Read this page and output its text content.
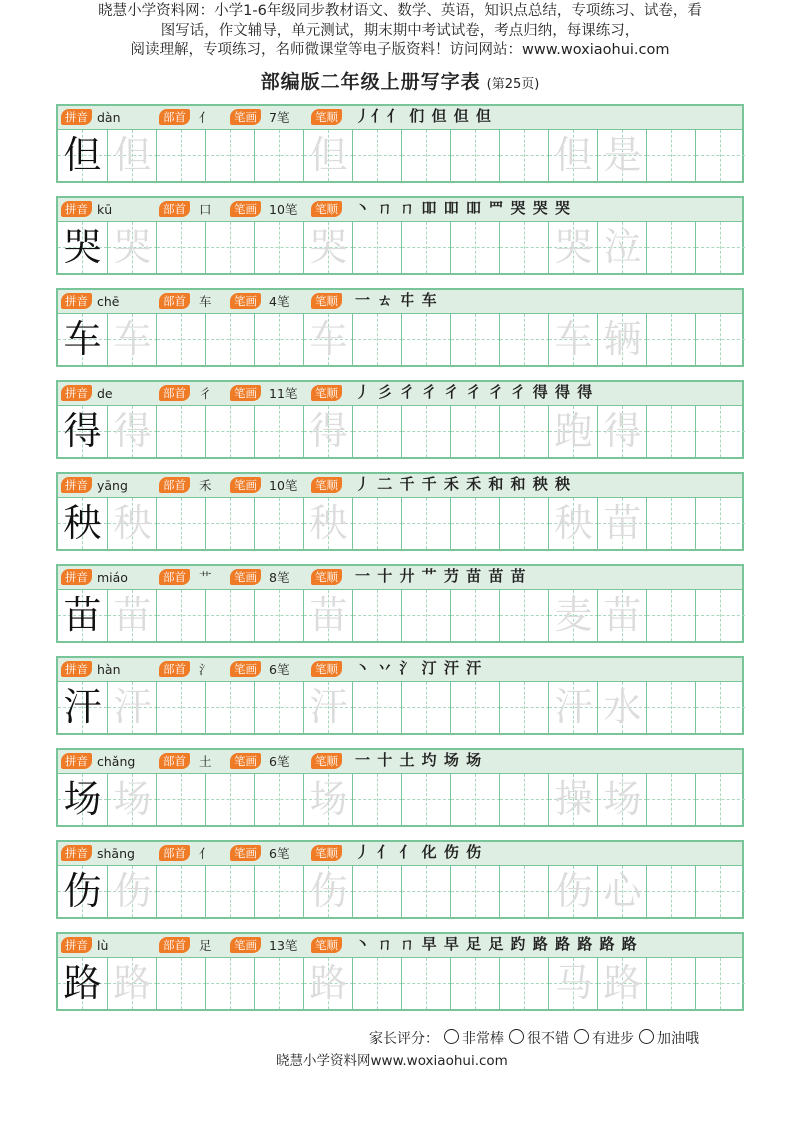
晓慧小学资料网：小学1-6年级同步教材语文、数学、英语，知识点总结，专项练习、试卷，看
图写话，作文辅导，单元测试，期末期中考试试卷，考点归纳，每课练习，
阅读理解，专项练习，名师微课堂等电子版资料！访问网站：www.woxiaohui.com
部编版二年级上册写字表 (第25页)
拼音 dàn	部首	亻	笔画 7笔	笔顺 丿亻亻 们 但 但 但
但 但	但	但 是
拼音 kū	部首	口	笔画 10笔	笔顺 丶 ㄇ ㄇ 吅 吅 吅 罒 哭 哭 哭
哭 哭	哭	哭 泣
拼音 chē	部首	车	笔画 4笔	笔顺 一 ㄊ 㐄 车
车 车	车	车 辆
拼音 de	部首	彳	笔画 11笔	笔顺 丿 彡 彳 彳 彳 彳 彳 彳 得 得 得
得 得	得	跑 得
拼音 yāng	部首	禾	笔画 10笔	笔顺 丿 二 千 千 禾 禾 和 和 秧 秧
秧 秧	秧	秧 苗
拼音 miáo	部首	艹	笔画 8笔	笔顺 一 十 廾 艹 芀 苗 苗 苗
苗 苗	苗	麦 苗
拼音 hàn	部首	氵	笔画 6笔	笔顺 丶 丷 氵 汀 汗 汗
汗 汗	汗	汗 水
拼音 chǎng	部首	土	笔画 6笔	笔顺 一 十 土 圴 场 场
场 场	场	操 场
拼音 shāng	部首	亻	笔画 6笔	笔顺 丿 亻 亻 化 伤 伤
伤 伤	伤	伤 心
拼音 lù	部首	足	笔画 13笔	笔顺 丶 ㄇ ㄇ 早 早 足 足 趵 路 路 路 路 路
路 路	路	马 路
家长评分： 非常棒 很不错 有进步 加油哦
晓慧小学资料网www.woxiaohui.com
